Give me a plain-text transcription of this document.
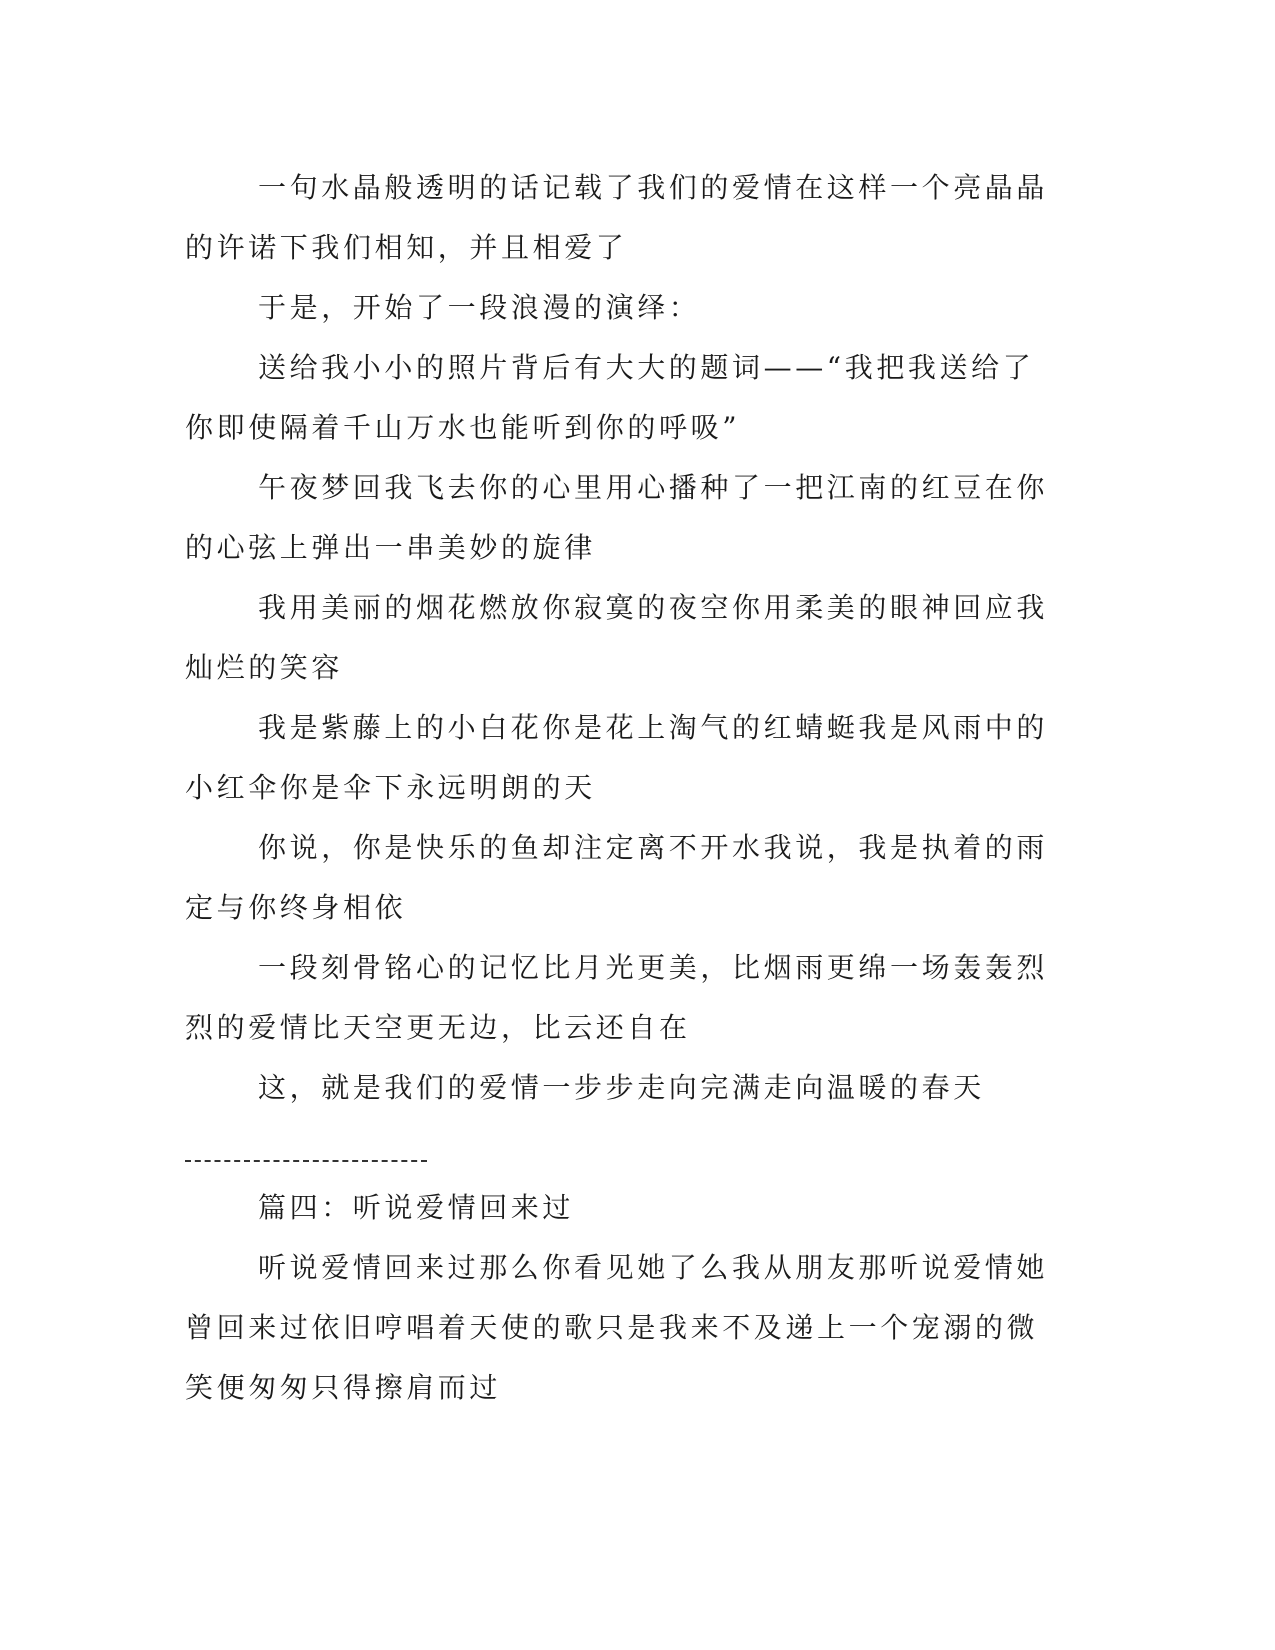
一句水晶般透明的话记载了我们的爱情在这样一个亮晶晶的许诺下我们相知，并且相爱了

于是，开始了一段浪漫的演绎：

送给我小小的照片背后有大大的题词——“我把我送给了你即使隔着千山万水也能听到你的呼吸”

午夜梦回我飞去你的心里用心播种了一把江南的红豆在你的心弦上弹出一串美妙的旋律

我用美丽的烟花燃放你寂寞的夜空你用柔美的眼神回应我灿烂的笑容

我是紫藤上的小白花你是花上淘气的红蜻蜓我是风雨中的小红伞你是伞下永远明朗的天

你说，你是快乐的鱼却注定离不开水我说，我是执着的雨定与你终身相依

一段刻骨铭心的记忆比月光更美，比烟雨更绵一场轰轰烈烈的爱情比天空更无边，比云还自在

这，就是我们的爱情一步步走向完满走向温暖的春天

篇四：听说爱情回来过

听说爱情回来过那么你看见她了么我从朋友那听说爱情她曾回来过依旧哼唱着天使的歌只是我来不及递上一个宠溺的微笑便匆匆只得擦肩而过
